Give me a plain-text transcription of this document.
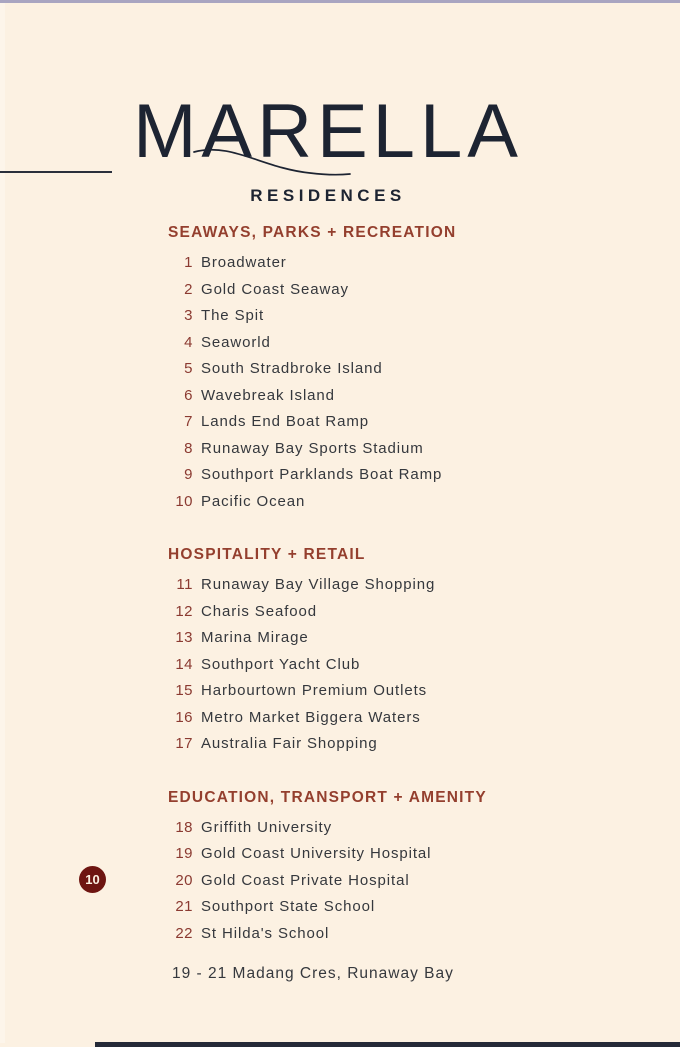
MARELLA
RESIDENCES
SEAWAYS, PARKS + RECREATION
1 Broadwater
2 Gold Coast Seaway
3 The Spit
4 Seaworld
5 South Stradbroke Island
6 Wavebreak Island
7 Lands End Boat Ramp
8 Runaway Bay Sports Stadium
9 Southport Parklands Boat Ramp
10 Pacific Ocean
HOSPITALITY + RETAIL
11 Runaway Bay Village Shopping
12 Charis Seafood
13 Marina Mirage
14 Southport Yacht Club
15 Harbourtown Premium Outlets
16 Metro Market Biggera Waters
17 Australia Fair Shopping
EDUCATION, TRANSPORT + AMENITY
18 Griffith University
19 Gold Coast University Hospital
20 Gold Coast Private Hospital
21 Southport State School
22 St Hilda's School
19 - 21 Madang Cres, Runaway Bay
10
